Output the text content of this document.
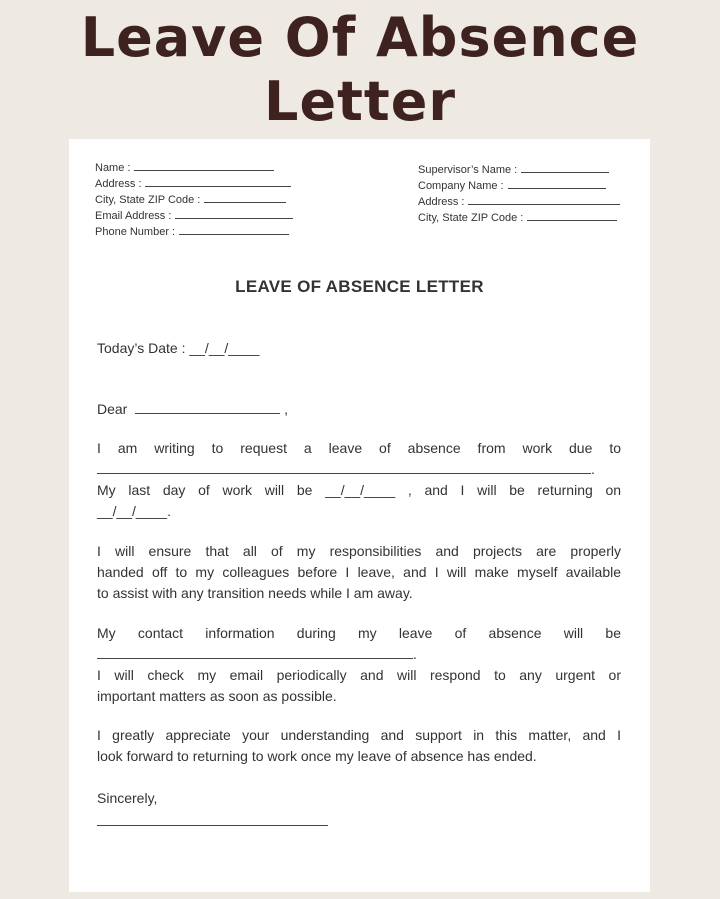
Leave Of Absence
Letter
Name :
Address :
City, State ZIP Code :
Email Address :
Phone Number :
Supervisor’s Name :
Company Name :
Address :
City, State ZIP Code :
LEAVE OF ABSENCE LETTER
Today’s Date : __/__/____
Dear	,
I am writing to request a leave of absence from work due to
.
My last day of work will be __/__/____ , and I will be returning on
__/__/____.
I will ensure that all of my responsibilities and projects are properly
handed off to my colleagues before I leave, and I will make myself available
to assist with any transition needs while I am away.
My contact information during my leave of absence will be
.
I will check my email periodically and will respond to any urgent or
important matters as soon as possible.
I greatly appreciate your understanding and support in this matter, and I
look forward to returning to work once my leave of absence has ended.
Sincerely,
